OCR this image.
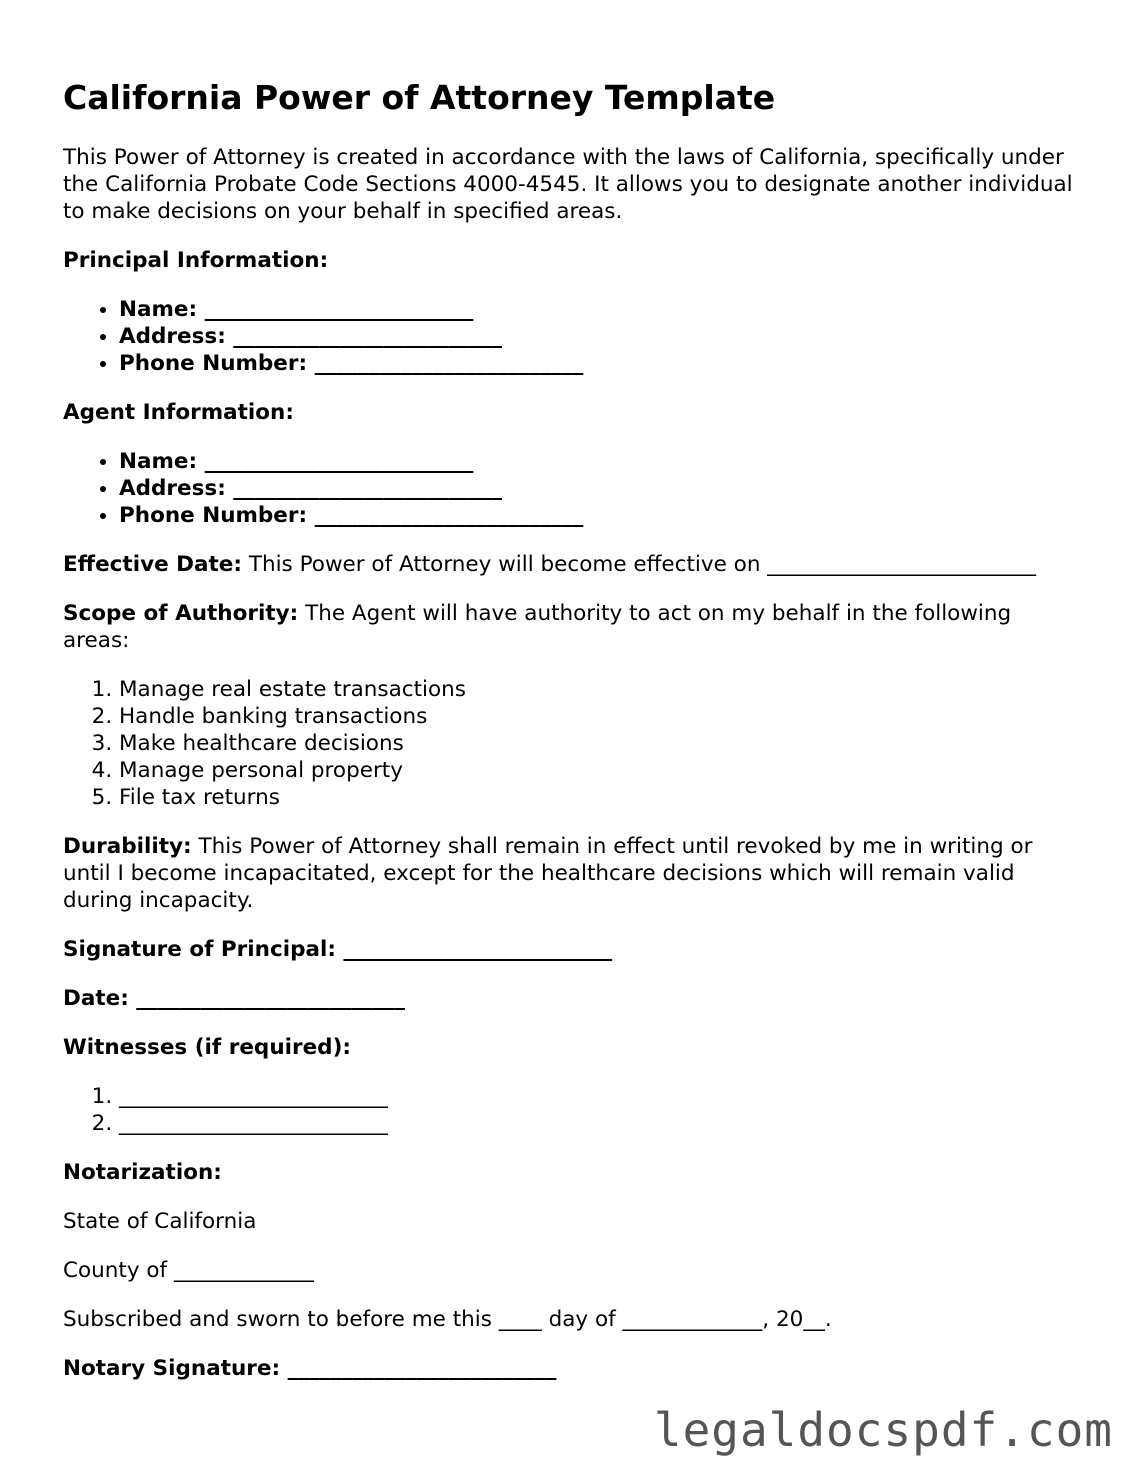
California Power of Attorney Template

This Power of Attorney is created in accordance with the laws of California, specifically under the California Probate Code Sections 4000-4545. It allows you to designate another individual to make decisions on your behalf in specified areas.

Principal Information:

• Name: _________________________
• Address: _________________________
• Phone Number: _________________________

Agent Information:

• Name: _________________________
• Address: _________________________
• Phone Number: _________________________

Effective Date: This Power of Attorney will become effective on _________________________

Scope of Authority: The Agent will have authority to act on my behalf in the following areas:

1. Manage real estate transactions
2. Handle banking transactions
3. Make healthcare decisions
4. Manage personal property
5. File tax returns

Durability: This Power of Attorney shall remain in effect until revoked by me in writing or until I become incapacitated, except for the healthcare decisions which will remain valid during incapacity.

Signature of Principal: _________________________

Date: _________________________

Witnesses (if required):

1. _________________________
2. _________________________

Notarization:

State of California

County of _____________

Subscribed and sworn to before me this ____ day of _____________, 20__.

Notary Signature: _________________________

legaldocspdf.com
